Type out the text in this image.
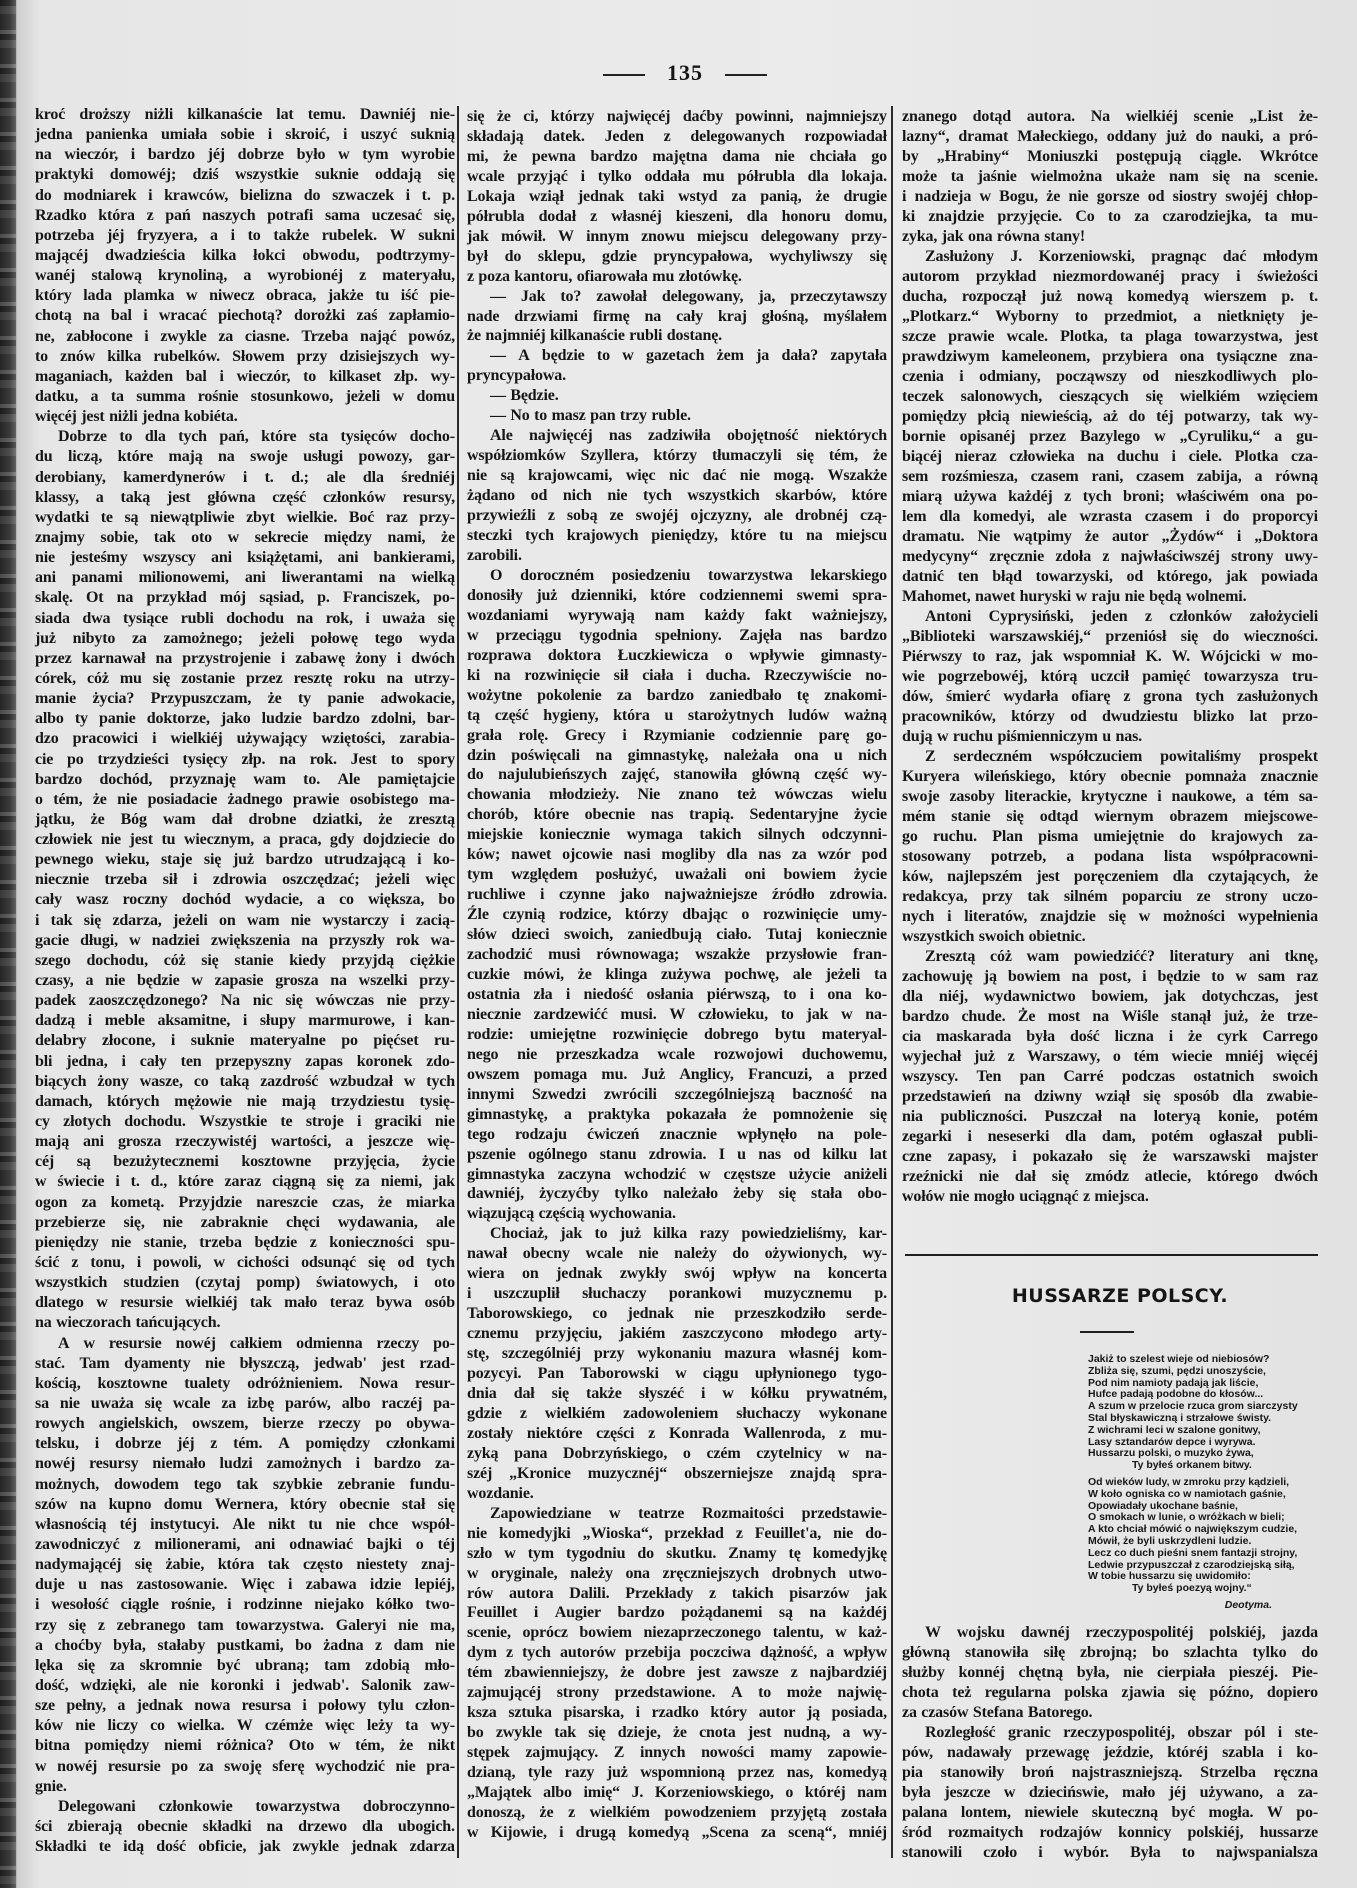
135
kroć droższy niżli kilkanaście lat temu. Dawniéj nie-
jedna panienka umiała sobie i skroić, i uszyć suknią
na wieczór, i bardzo jéj dobrze było w tym wyrobie
praktyki domowéj; dziś wszystkie suknie oddają się
do modniarek i krawców, bielizna do szwaczek i t. p.
Rzadko która z pań naszych potrafi sama uczesać się,
potrzeba jéj fryzyera, a i to także rubelek. W sukni
mającéj dwadzieścia kilka łokci obwodu, podtrzymy-
wanéj stalową krynoliną, a wyrobionéj z materyału,
który lada plamka w niwecz obraca, jakże tu iść pie-
chotą na bal i wracać piechotą? dorożki zaś zapłamio-
ne, zabłocone i zwykle za ciasne. Trzeba nająć powóz,
to znów kilka rubelków. Słowem przy dzisiejszych wy-
maganiach, każden bal i wieczór, to kilkaset złp. wy-
datku, a ta summa rośnie stosunkowo, jeżeli w domu
więcéj jest niżli jedna kobiéta.
Dobrze to dla tych pań, które sta tysięców docho-
du liczą, które mają na swoje usługi powozy, gar-
derobiany, kamerdynerów i t. d.; ale dla średniéj
klassy, a taką jest główna część członków resursy,
wydatki te są niewątpliwie zbyt wielkie. Boć raz przy-
znajmy sobie, tak oto w sekrecie między nami, że
nie jesteśmy wszyscy ani książętami, ani bankierami,
ani panami milionowemi, ani liwerantami na wielką
skalę. Ot na przykład mój sąsiad, p. Franciszek, po-
siada dwa tysiące rubli dochodu na rok, i uważa się
już nibyto za zamożnego; jeżeli połowę tego wyda
przez karnawał na przystrojenie i zabawę żony i dwóch
córek, cóż mu się zostanie przez resztę roku na utrzy-
manie życia? Przypuszczam, że ty panie adwokacie,
albo ty panie doktorze, jako ludzie bardzo zdolni, bar-
dzo pracowici i wielkiéj używający wziętości, zarabia-
cie po trzydzieści tysięcy złp. na rok. Jest to spory
bardzo dochód, przyznaję wam to. Ale pamiętajcie
o tém, że nie posiadacie żadnego prawie osobistego ma-
jątku, że Bóg wam dał drobne dziatki, że zresztą
człowiek nie jest tu wiecznym, a praca, gdy dojdziecie do
pewnego wieku, staje się już bardzo utrudzającą i ko-
niecznie trzeba sił i zdrowia oszczędzać; jeżeli więc
cały wasz roczny dochód wydacie, a co większa, bo
i tak się zdarza, jeżeli on wam nie wystarczy i zacią-
gacie długi, w nadziei zwiększenia na przyszły rok wa-
szego dochodu, cóż się stanie kiedy przyjdą ciężkie
czasy, a nie będzie w zapasie grosza na wszelki przy-
padek zaoszczędzonego? Na nic się wówczas nie przy-
dadzą i meble aksamitne, i słupy marmurowe, i kan-
delabry złocone, i suknie materyalne po pięćset ru-
bli jedna, i cały ten przepyszny zapas koronek zdo-
biących żony wasze, co taką zazdrość wzbudzał w tych
damach, których mężowie nie mają trzydziestu tysię-
cy złotych dochodu. Wszystkie te stroje i graciki nie
mają ani grosza rzeczywistéj wartości, a jeszcze wię-
céj są bezużytecznemi kosztowne przyjęcia, życie
w świecie i t. d., które zaraz ciągną się za niemi, jak
ogon za kometą. Przyjdzie nareszcie czas, że miarka
przebierze się, nie zabraknie chęci wydawania, ale
pieniędzy nie stanie, trzeba będzie z konieczności spu-
ścić z tonu, i powoli, w cichości odsunąć się od tych
wszystkich studzien (czytaj pomp) światowych, i oto
dlatego w resursie wielkiéj tak mało teraz bywa osób
na wieczorach tańcujących.
A w resursie nowéj całkiem odmienna rzeczy po-
stać. Tam dyamenty nie błyszczą, jedwab' jest rzad-
kością, kosztowne tualety odróżnieniem. Nowa resur-
sa nie uważa się wcale za izbę parów, albo raczéj pa-
rowych angielskich, owszem, bierze rzeczy po obywa-
telsku, i dobrze jéj z tém. A pomiędzy członkami
nowéj resursy niemało ludzi zamożnych i bardzo za-
możnych, dowodem tego tak szybkie zebranie fundu-
szów na kupno domu Wernera, który obecnie stał się
własnością téj instytucyi. Ale nikt tu nie chce współ-
zawodniczyć z milionerami, ani odnawiać bajki o téj
nadymającéj się żabie, która tak często niestety znaj-
duje u nas zastosowanie. Więc i zabawa idzie lepiéj,
i wesołość ciągle rośnie, i rodzinne niejako kółko two-
rzy się z zebranego tam towarzystwa. Galeryi nie ma,
a choćby była, stałaby pustkami, bo żadna z dam nie
lęka się za skromnie być ubraną; tam zdobią mło-
dość, wdzięki, ale nie koronki i jedwab'. Salonik zaw-
sze pełny, a jednak nowa resursa i połowy tylu człon-
ków nie liczy co wielka. W czémże więc leży ta wy-
bitna pomiędzy niemi różnica? Oto w tém, że nikt
w nowéj resursie po za swoję sferę wychodzić nie pra-
gnie.
Delegowani członkowie towarzystwa dobroczynno-
ści zbierają obecnie składki na drzewo dla ubogich.
Składki te idą dość obficie, jak zwykle jednak zdarza
się że ci, którzy najwięcéj daćby powinni, najmniejszy
składają datek. Jeden z delegowanych rozpowiadał
mi, że pewna bardzo majętna dama nie chciała go
wcale przyjąć i tylko oddała mu półrubla dla lokaja.
Lokaja wziął jednak taki wstyd za panią, że drugie
półrubla dodał z własnéj kieszeni, dla honoru domu,
jak mówił. W innym znowu miejscu delegowany przy-
był do sklepu, gdzie pryncypałowa, wychyliwszy się
z poza kantoru, ofiarowała mu złotówkę.
— Jak to? zawołał delegowany, ja, przeczytawszy
nade drzwiami firmę na cały kraj głośną, myślałem
że najmniéj kilkanaście rubli dostanę.
— A będzie to w gazetach żem ja dała? zapytała
pryncypałowa.
— Będzie.
— No to masz pan trzy ruble.
Ale najwięcéj nas zadziwiła obojętność niektórych
współziomków Szyllera, którzy tłumaczyli się tém, że
nie są krajowcami, więc nic dać nie mogą. Wszakże
żądano od nich nie tych wszystkich skarbów, które
przywieźli z sobą ze swojéj ojczyzny, ale drobnéj czą-
steczki tych krajowych pieniędzy, które tu na miejscu
zarobili.
O doroczném posiedzeniu towarzystwa lekarskiego
donosiły już dzienniki, które codziennemi swemi spra-
wozdaniami wyrywają nam każdy fakt ważniejszy,
w przeciągu tygodnia spełniony. Zajęła nas bardzo
rozprawa doktora Łuczkiewicza o wpływie gimnasty-
ki na rozwinięcie sił ciała i ducha. Rzeczywiście no-
wożytne pokolenie za bardzo zaniedbało tę znakomi-
tą część hygieny, która u starożytnych ludów ważną
grała rolę. Grecy i Rzymianie codziennie parę go-
dzin poświęcali na gimnastykę, należała ona u nich
do najulubieńszych zajęć, stanowiła główną część wy-
chowania młodzieży. Nie znano też wówczas wielu
chorób, które obecnie nas trapią. Sedentaryjne życie
miejskie koniecznie wymaga takich silnych odczynni-
ków; nawet ojcowie nasi mogliby dla nas za wzór pod
tym względem posłużyć, uważali oni bowiem życie
ruchliwe i czynne jako najważniejsze źródło zdrowia.
Źle czynią rodzice, którzy dbając o rozwinięcie umy-
słów dzieci swoich, zaniedbują ciało. Tutaj koniecznie
zachodzić musi równowaga; wszakże przysłowie fran-
cuzkie mówi, że klinga zużywa pochwę, ale jeżeli ta
ostatnia zła i niedość osłania piérwszą, to i ona ko-
niecznie zardzewićć musi. W człowieku, to jak w na-
rodzie: umiejętne rozwinięcie dobrego bytu materyal-
nego nie przeszkadza wcale rozwojowi duchowemu,
owszem pomaga mu. Już Anglicy, Francuzi, a przed
innymi Szwedzi zwrócili szczególniejszą baczność na
gimnastykę, a praktyka pokazała że pomnożenie się
tego rodzaju ćwiczeń znacznie wpłynęło na pole-
pszenie ogólnego stanu zdrowia. I u nas od kilku lat
gimnastyka zaczyna wchodzić w częstsze użycie aniżeli
dawniéj, życzyćby tylko należało żeby się stała obo-
wiązującą częścią wychowania.
Chociaż, jak to już kilka razy powiedzieliśmy, kar-
nawał obecny wcale nie należy do ożywionych, wy-
wiera on jednak zwykły swój wpływ na koncerta
i uszczuplił słuchaczy porankowi muzycznemu p.
Taborowskiego, co jednak nie przeszkodziło serde-
cznemu przyjęciu, jakiém zaszczycono młodego arty-
stę, szczególniéj przy wykonaniu mazura własnéj kom-
pozycyi. Pan Taborowski w ciągu upłynionego tygo-
dnia dał się także słyszéć i w kółku prywatném,
gdzie z wielkiém zadowoleniem słuchaczy wykonane
zostały niektóre części z Konrada Wallenroda, z mu-
zyką pana Dobrzyńskiego, o czém czytelnicy w na-
széj „Kronice muzycznéj“ obszerniejsze znajdą spra-
wozdanie.
Zapowiedziane w teatrze Rozmaitości przedstawie-
nie komedyjki „Wioska“, przekład z Feuillet'a, nie do-
szło w tym tygodniu do skutku. Znamy tę komedyjkę
w oryginale, należy ona zręczniejszych drobnych utwo-
rów autora Dalili. Przekłady z takich pisarzów jak
Feuillet i Augier bardzo pożądanemi są na każdéj
scenie, oprócz bowiem niezaprzeczonego talentu, w każ-
dym z tych autorów przebija poczciwa dążność, a wpływ
tém zbawienniejszy, że dobre jest zawsze z najbardziéj
zajmującéj strony przedstawione. A to może najwię-
ksza sztuka pisarska, i rzadko który autor ją posiada,
bo zwykle tak się dzieje, że cnota jest nudną, a wy-
stępek zajmujący. Z innych nowości mamy zapowie-
dzianą, tyle razy już wspomnioną przez nas, komedyą
„Majątek albo imię“ J. Korzeniowskiego, o któréj nam
donoszą, że z wielkiém powodzeniem przyjętą została
w Kijowie, i drugą komedyą „Scena za sceną“, mniéj
znanego dotąd autora. Na wielkiéj scenie „List że-
lazny“, dramat Małeckiego, oddany już do nauki, a pró-
by „Hrabiny“ Moniuszki postępują ciągle. Wkrótce
może ta jaśnie wielmożna ukaże nam się na scenie.
i nadzieja w Bogu, że nie gorsze od siostry swojéj chłop-
ki znajdzie przyjęcie. Co to za czarodziejka, ta mu-
zyka, jak ona równa stany!
Zasłużony J. Korzeniowski, pragnąc dać młodym
autorom przykład niezmordowanéj pracy i świeżości
ducha, rozpoczął już nową komedyą wierszem p. t.
„Plotkarz.“ Wyborny to przedmiot, a nietknięty je-
szcze prawie wcale. Plotka, ta plaga towarzystwa, jest
prawdziwym kameleonem, przybiera ona tysiączne zna-
czenia i odmiany, począwszy od nieszkodliwych plo-
teczek salonowych, cieszących się wielkiém wzięciem
pomiędzy płcią niewieścią, aż do téj potwarzy, tak wy-
bornie opisanéj przez Bazylego w „Cyruliku,“ a gu-
biącéj nieraz człowieka na duchu i ciele. Plotka cza-
sem rozśmiesza, czasem rani, czasem zabija, a równą
miarą używa każdéj z tych broni; właściwém ona po-
lem dla komedyi, ale wzrasta czasem i do proporcyi
dramatu. Nie wątpimy że autor „Żydów“ i „Doktora
medycyny“ zręcznie zdoła z najwłaściwszéj strony uwy-
datnić ten błąd towarzyski, od którego, jak powiada
Mahomet, nawet huryski w raju nie będą wolnemi.
Antoni Cyprysiński, jeden z członków założycieli
„Biblioteki warszawskiéj,“ przeniósł się do wieczności.
Piérwszy to raz, jak wspomniał K. W. Wójcicki w mo-
wie pogrzebowéj, którą uczcił pamięć towarzysza tru-
dów, śmierć wydarła ofiarę z grona tych zasłużonych
pracowników, którzy od dwudziestu blizko lat przo-
dują w ruchu piśmienniczym u nas.
Z serdeczném współczuciem powitaliśmy prospekt
Kuryera wileńskiego, który obecnie pomnaża znacznie
swoje zasoby literackie, krytyczne i naukowe, a tém sa-
mém stanie się odtąd wiernym obrazem miejscowe-
go ruchu. Plan pisma umiejętnie do krajowych za-
stosowany potrzeb, a podana lista współpracowni-
ków, najlepszém jest poręczeniem dla czytających, że
redakcya, przy tak silném poparciu ze strony uczo-
nych i literatów, znajdzie się w możności wypełnienia
wszystkich swoich obietnic.
Zresztą cóż wam powiedzićć? literatury ani tknę,
zachowuję ją bowiem na post, i będzie to w sam raz
dla niéj, wydawnictwo bowiem, jak dotychczas, jest
bardzo chude. Że most na Wiśle stanął już, że trze-
cia maskarada była dość liczna i że cyrk Carrego
wyjechał już z Warszawy, o tém wiecie mniéj więcéj
wszyscy. Ten pan Carré podczas ostatnich swoich
przedstawień na dziwny wziął się sposób dla zwabie-
nia publiczności. Puszczał na loteryą konie, potém
zegarki i neseserki dla dam, potém ogłaszał publi-
czne zapasy, i pokazało się że warszawski majster
rzeźnicki nie dał się zmódz atlecie, którego dwóch
wołów nie mogło uciągnąć z miejsca.
HUSSARZE POLSCY.
Jakiż to szelest wieje od niebiosów?
Zbliża się, szumi, pędzi unoszyście,
Pod nim namioty padają jak liście,
Hufce padają podobne do kłosów...
A szum w przelocie rzuca grom siarczysty
Stal błyskawiczną i strzałowe świsty.
Z wichrami leci w szalone gonitwy,
Lasy sztandarów depce i wyrywa.
Hussarzu polski, o muzyko żywa,
Ty byłeś orkanem bitwy.
Od wieków ludy, w zmroku przy kądzieli,
W koło ogniska co w namiotach gaśnie,
Opowiadały ukochane baśnie,
O smokach w lunie, o wróżkach w bieli;
A kto chciał mówić o największym cudzie,
Mówił, że byli uskrzydleni ludzie.
Lecz co duch pieśni snem fantazji strojny,
Ledwie przypuszczał z czarodziejską siłą,
W tobie hussarzu się uwidomiło:
Ty byłeś poezyą wojny.“
Deotyma.
W wojsku dawnéj rzeczypospolitéj polskiéj, jazda
główną stanowiła siłę zbrojną; bo szlachta tylko do
służby konnéj chętną była, nie cierpiała pieszéj. Pie-
chota też regularna polska zjawia się późno, dopiero
za czasów Stefana Batorego.
Rozległość granic rzeczypospolitéj, obszar pól i ste-
pów, nadawały przewagę jeździe, któréj szabla i ko-
pia stanowiły broń najstraszniejszą. Strzelba ręczna
była jeszcze w dziecińswie, mało jéj używano, a za-
palana lontem, niewiele skuteczną być mogła. W po-
śród rozmaitych rodzajów konnicy polskiéj, hussarze
stanowili czoło i wybór. Była to najwspanialsza
